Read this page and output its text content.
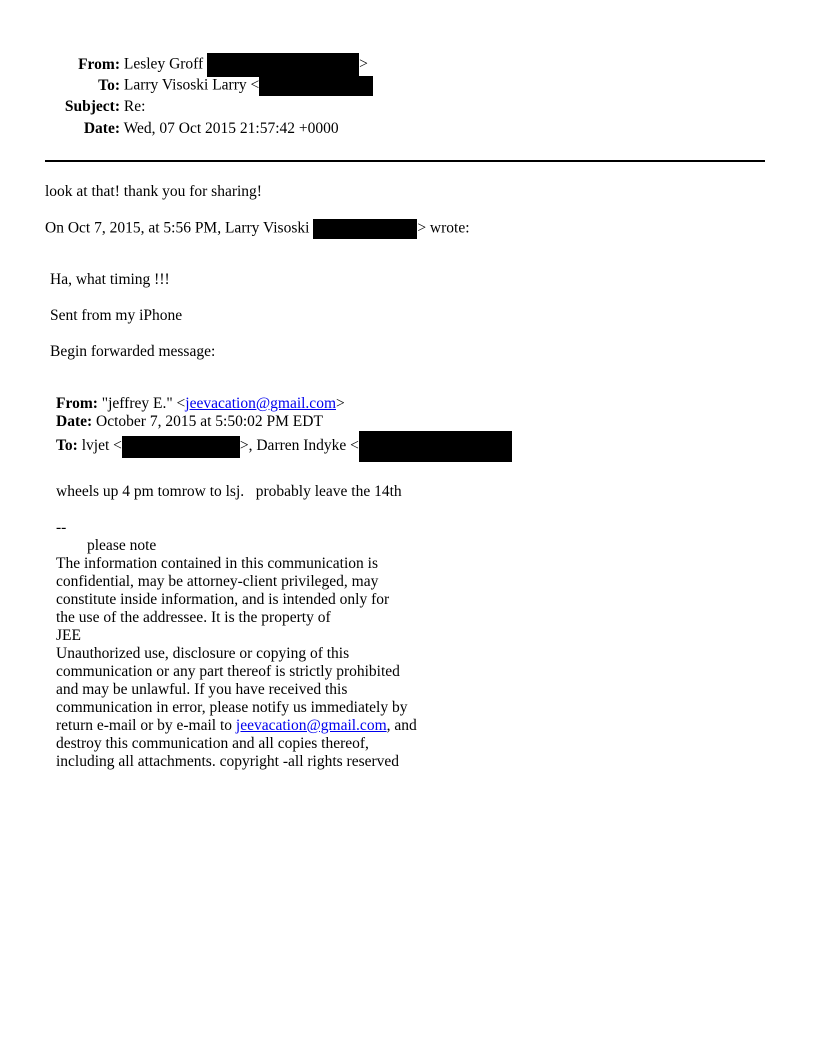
From: Lesley Groff	>
To: Larry Visoski Larry <
Subject: Re:
Date: Wed, 07 Oct 2015 21:57:42 +0000
look at that! thank you for sharing!
On Oct 7, 2015, at 5:56 PM, Larry Visoski	> wrote:
Ha, what timing !!!
Sent from my iPhone
Begin forwarded message:
From: "jeffrey E." <jeevacation@gmail.com>
Date: October 7, 2015 at 5:50:02 PM EDT
To: lvjet <	>, Darren Indyke <
wheels up 4 pm tomrow to lsj.   probably leave the 14th
--
please note
The information contained in this communication is
confidential, may be attorney-client privileged, may
constitute inside information, and is intended only for
the use of the addressee. It is the property of
JEE
Unauthorized use, disclosure or copying of this
communication or any part thereof is strictly prohibited
and may be unlawful. If you have received this
communication in error, please notify us immediately by
return e-mail or by e-mail to jeevacation@gmail.com, and
destroy this communication and all copies thereof,
including all attachments. copyright -all rights reserved
